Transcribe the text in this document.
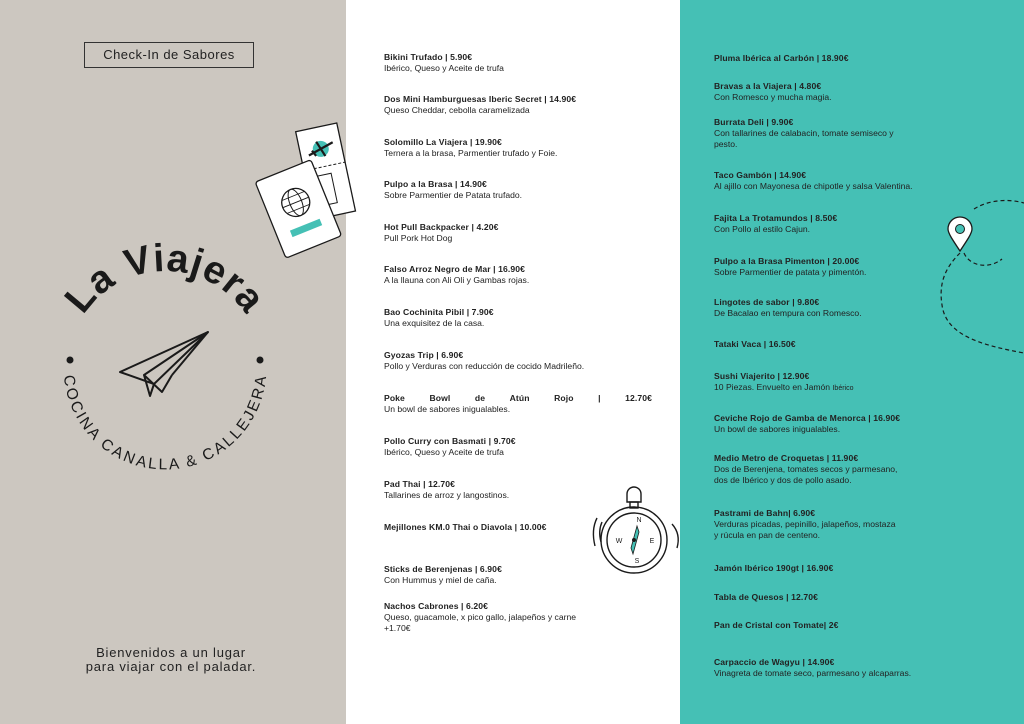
Check-In de Sabores
La Viajera
COCINA CANALLA & CALLEJERA
Bienvenidos a un lugar
para viajar con el paladar.
Bikini Trufado | 5.90€
Ibérico, Queso y Aceite de trufa
Dos Mini Hamburguesas Iberic Secret | 14.90€
Queso Cheddar, cebolla caramelizada
Solomillo La Viajera | 19.90€
Ternera a la brasa, Parmentier trufado y Foie.
Pulpo a la Brasa | 14.90€
Sobre Parmentier de Patata trufado.
Hot Pull Backpacker | 4.20€
Pull Pork Hot Dog
Falso Arroz Negro de Mar | 16.90€
A la llauna con Ali Oli y Gambas rojas.
Bao Cochinita Pibil | 7.90€
Una exquisitez de la casa.
Gyozas Trip | 6.90€
Pollo y Verduras con reducción de cocido Madrileño.
Poke	Bowl	de	Atún	Rojo	|	12.70€
Un bowl de sabores inigualables.
Pollo Curry con Basmati | 9.70€
Ibérico, Queso y Aceite de trufa
Pad Thai | 12.70€
Tallarines de arroz y langostinos.
Mejillones KM.0 Thai o Diavola | 10.00€
Sticks de Berenjenas | 6.90€
Con Hummus y miel de caña.
Nachos Cabrones | 6.20€
Queso, guacamole, x pico gallo, jalapeños y carne
+1.70€
N
W	E
S
Pluma Ibérica al Carbón | 18.90€
Bravas a la Viajera | 4.80€
Con Romesco y mucha magia.
Burrata Deli | 9.90€
Con tallarines de calabacin, tomate semiseco y
pesto.
Taco Gambón | 14.90€
Al ajillo con Mayonesa de chipotle y salsa Valentina.
Fajita La Trotamundos | 8.50€
Con Pollo al estilo Cajun.
Pulpo a la Brasa Pimenton | 20.00€
Sobre Parmentier de patata y pimentón.
Lingotes de sabor | 9.80€
De Bacalao en tempura con Romesco.
Tataki Vaca | 16.50€
Sushi Viajerito | 12.90€
10 Piezas. Envuelto en Jamón Ibérico
Ceviche Rojo de Gamba de Menorca | 16.90€
Un bowl de sabores inigualables.
Medio Metro de Croquetas | 11.90€
Dos de Berenjena, tomates secos y parmesano,
dos de Ibérico y dos de pollo asado.
Pastrami de Bahn| 6.90€
Verduras picadas, pepinillo, jalapeños, mostaza
y rúcula en pan de centeno.
Jamón Ibérico 190gt | 16.90€
Tabla de Quesos | 12.70€
Pan de Cristal con Tomate| 2€
Carpaccio de Wagyu | 14.90€
Vinagreta de tomate seco, parmesano y alcaparras.
